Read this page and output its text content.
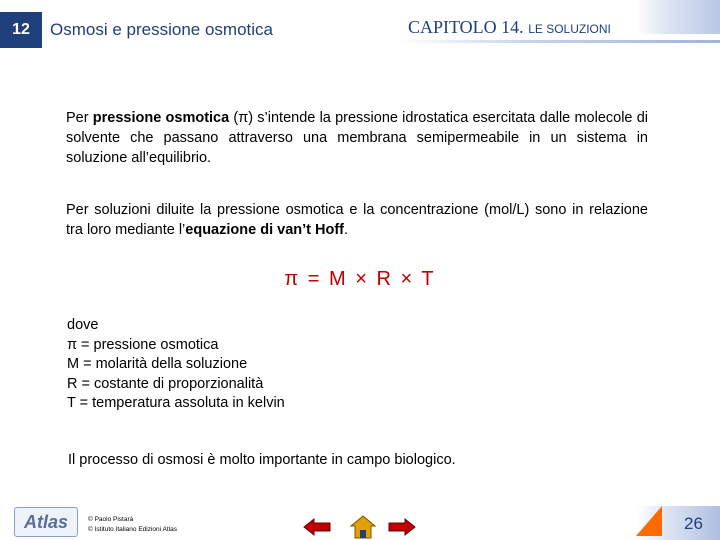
12	Osmosi e pressione osmotica	CAPITOLO 14. LE SOLUZIONI

Per pressione osmotica (π) s’intende la pressione idrostatica esercitata dalle molecole di solvente che passano attraverso una membrana semipermeabile in un sistema in soluzione all’equilibrio.

Per soluzioni diluite la pressione osmotica e la concentrazione (mol/L) sono in relazione tra loro mediante l’equazione di van’t Hoff.

π = M × R × T
dove
π = pressione osmotica
M = molarità della soluzione
R = costante di proporzionalità
T = temperatura assoluta in kelvin

Il processo di osmosi è molto importante in campo biologico.

Atlas	© Paolo Pistarà
© Istituto Italiano Edizioni Atlas	26
